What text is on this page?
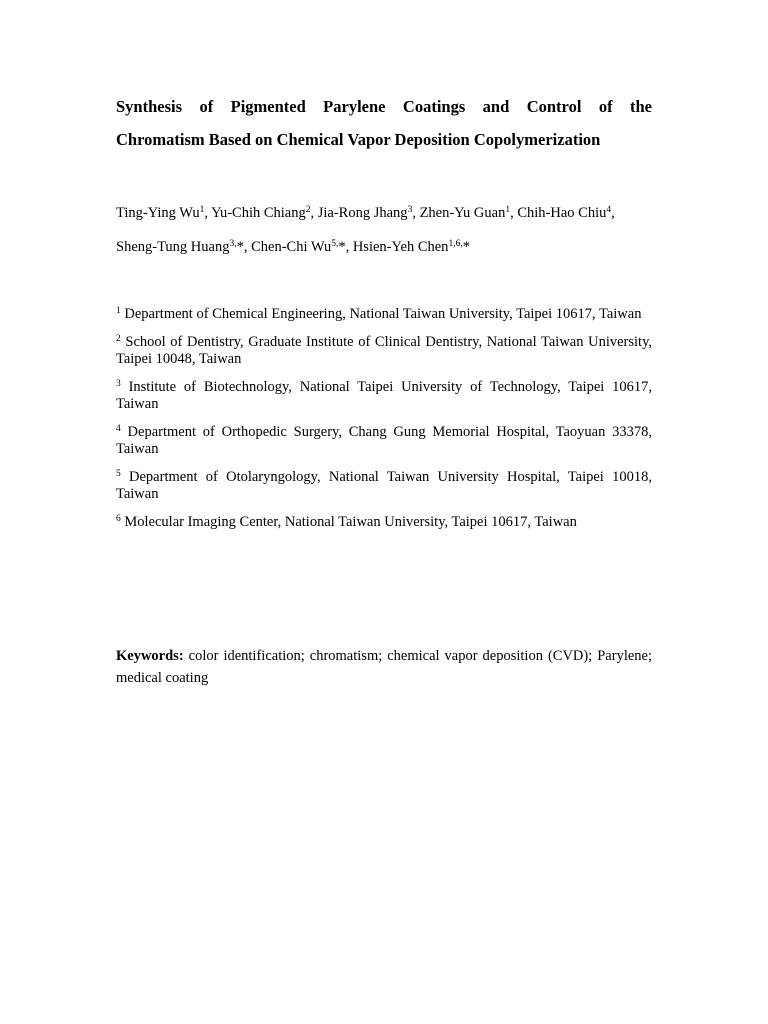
Synthesis of Pigmented Parylene Coatings and Control of the
Chromatism Based on Chemical Vapor Deposition Copolymerization

Ting-Ying Wu$^1$, Yu-Chih Chiang$^2$, Jia-Rong Jhang$^3$, Zhen-Yu Guan$^1$, Chih-Hao Chiu$^4$,
Sheng-Tung Huang$^{3,}$*, Chen-Chi $Wu^{5,}*$, Hsien-Yeh Chen$^{1,6,}$*

$^1$ Department of Chemical Engineering, National Taiwan University, Taipei 10617, Taiwan

$^2$ School of Dentistry, Graduate Institute of Clinical Dentistry, National Taiwan University, Taipei 10048, Taiwan

$^3$ Institute of Biotechnology, National Taipei University of Technology, Taipei 10617, Taiwan

$^4$ Department of Orthopedic Surgery, Chang Gung Memorial Hospital, Taoyuan 33378, Taiwan

$^5$ Department of Otolaryngology, National Taiwan University Hospital, Taipei 10018, Taiwan

$^6$ Molecular Imaging Center, National Taiwan University, Taipei 10617, Taiwan

Keywords: color identification; chromatism; chemical vapor deposition (CVD); Parylene; medical coating
